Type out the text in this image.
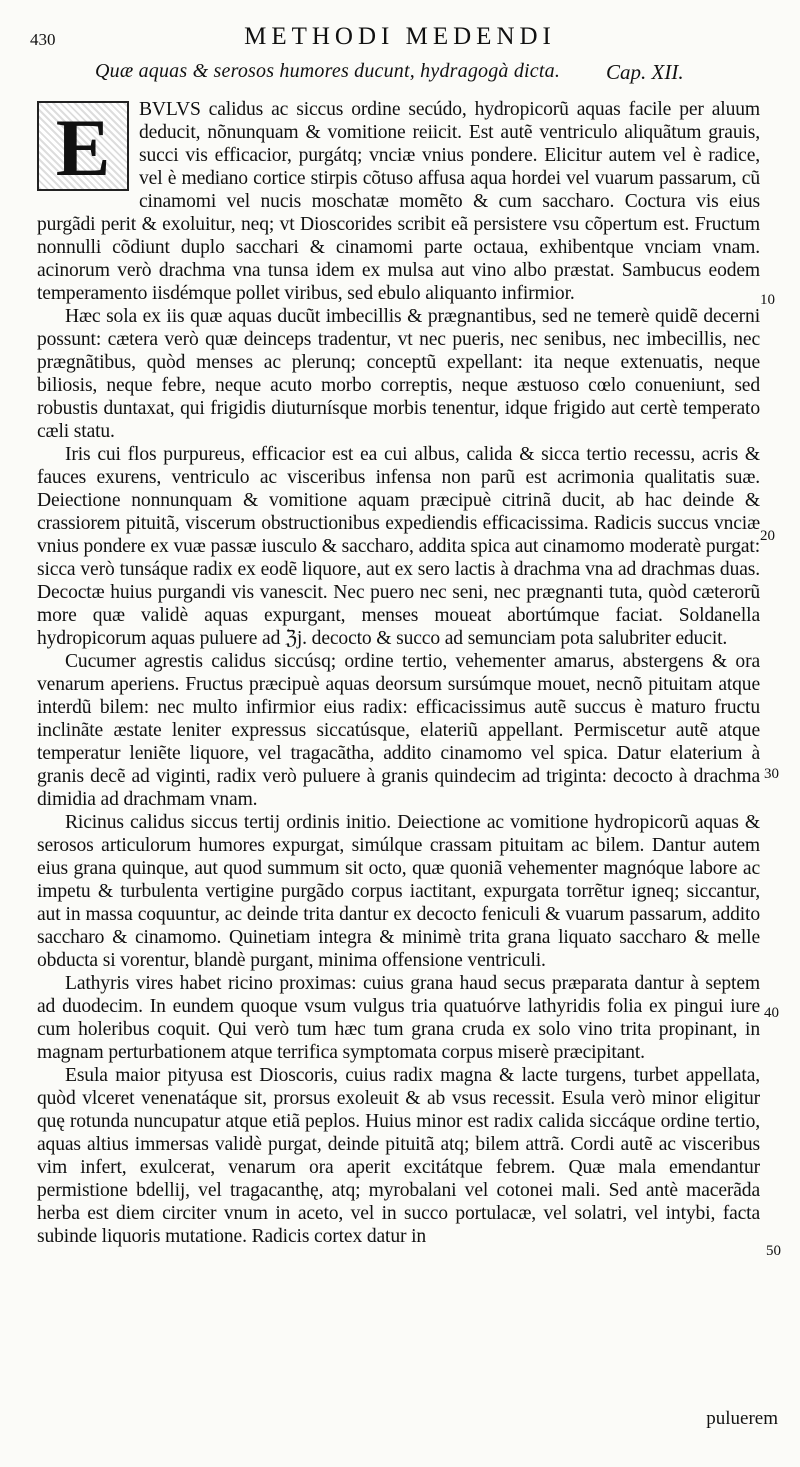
430	METHODI MEDENDI
Quæ aquas & serosos humores ducunt, hydragogà dicta. Cap. XII.

E	BVLVS calidus ac siccus ordine secúdo, hydropicorũ aquas facile per aluum deducit, nõnunquam & vomitione reiicit. Est autẽ ventriculo aliquãtum grauis, succi vis efficacior, purgátq; vnciæ vnius pondere. Elicitur autem vel è radice, vel è mediano cortice stirpis cõtuso affusa aqua hordei vel vuarum passarum, cũ cinamomi vel nucis moschatæ momẽto & cum saccharo. Coctura vis eius purgãdi perit & exoluitur, neq; vt Dioscorides scribit eã persistere vsu cõpertum est. Fructum nonnulli cõdiunt duplo sacchari & cinamomi parte octaua, exhibentque vnciam vnam. acinorum verò drachma vna tunsa idem ex mulsa aut vino albo præstat. Sambucus eodem temperamento iisdémque pollet viribus, sed ebulo aliquanto infirmior.

Hæc sola ex iis quæ aquas ducũt imbecillis & prægnantibus, sed ne temerè quidẽ decerni possunt: cætera verò quæ deinceps tradentur, vt nec pueris, nec senibus, nec imbecillis, nec prægnãtibus, quòd menses ac plerunq; conceptũ expellant: ita neque extenuatis, neque biliosis, neque febre, neque acuto morbo correptis, neque æstuoso cœlo conueniunt, sed robustis duntaxat, qui frigidis diuturnísque morbis tenentur, idque frigido aut certè temperato cæli statu.

Iris cui flos purpureus, efficacior est ea cui albus, calida & sicca tertio recessu, acris & fauces exurens, ventriculo ac visceribus infensa non parũ est acrimonia qualitatis suæ. Deiectione nonnunquam & vomitione aquam præcipuè citrinã ducit, ab hac deinde & crassiorem pituitã, viscerum obstructionibus expediendis efficacissima. Radicis succus vnciæ vnius pondere ex vuæ passæ iusculo & saccharo, addita spica aut cinamomo moderatè purgat: sicca verò tunsáque radix ex eodẽ liquore, aut ex sero lactis à drachma vna ad drachmas duas. Decoctæ huius purgandi vis vanescit. Nec puero nec seni, nec prægnanti tuta, quòd cæterorũ more quæ validè aquas expurgant, menses moueat abortúmque faciat. Soldanella hydropicorum aquas puluere ad ℨj. decocto & succo ad semunciam pota salubriter educit.

Cucumer agrestis calidus siccúsq; ordine tertio, vehementer amarus, abstergens & ora venarum aperiens. Fructus præcipuè aquas deorsum sursúmque mouet, necnõ pituitam atque interdũ bilem: nec multo infirmior eius radix: efficacissimus autẽ succus è maturo fructu inclinãte æstate leniter expressus siccatúsque, elateriũ appellant. Permiscetur autẽ atque temperatur leniẽte liquore, vel tragacãtha, addito cinamomo vel spica. Datur elaterium à granis decẽ ad viginti, radix verò puluere à granis quindecim ad triginta: decocto à drachma dimidia ad drachmam vnam.

Ricinus calidus siccus tertij ordinis initio. Deiectione ac vomitione hydropicorũ aquas & serosos articulorum humores expurgat, simúlque crassam pituitam ac bilem. Dantur autem eius grana quinque, aut quod summum sit octo, quæ quoniã vehementer magnóque labore ac impetu & turbulenta vertigine purgãdo corpus iactitant, expurgata torrẽtur igneq; siccantur, aut in massa coquuntur, ac deinde trita dantur ex decocto feniculi & vuarum passarum, addito saccharo & cinamomo. Quinetiam integra & minimè trita grana liquato saccharo & melle obducta si vorentur, blandè purgant, minima offensione ventriculi.

Lathyris vires habet ricino proximas: cuius grana haud secus præparata dantur à septem ad duodecim. In eundem quoque vsum vulgus tria quatuórve lathyridis folia ex pingui iure cum holeribus coquit. Qui verò tum hæc tum grana cruda ex solo vino trita propinant, in magnam perturbationem atque terrifica symptomata corpus miserè præcipitant.

Esula maior pityusa est Dioscoris, cuius radix magna & lacte turgens, turbet appellata, quòd vlceret venenatáque sit, prorsus exoleuit & ab vsus recessit. Esula verò minor eligitur quę rotunda nuncupatur atque etiã peplos. Huius minor est radix calida siccáque ordine tertio, aquas altius immersas validè purgat, deinde pituitã atq; bilem attrã. Cordi autẽ ac visceribus vim infert, exulcerat, venarum ora aperit excitátque febrem. Quæ mala emendantur permistione bdellij, vel tragacanthę, atq; myrobalani vel cotonei mali. Sed antè macerãda herba est diem circiter vnum in aceto, vel in succo portulacæ, vel solatri, vel intybi, facta subinde liquoris mutatione. Radicis cortex datur in

10
20
30
40
50
puluerem
